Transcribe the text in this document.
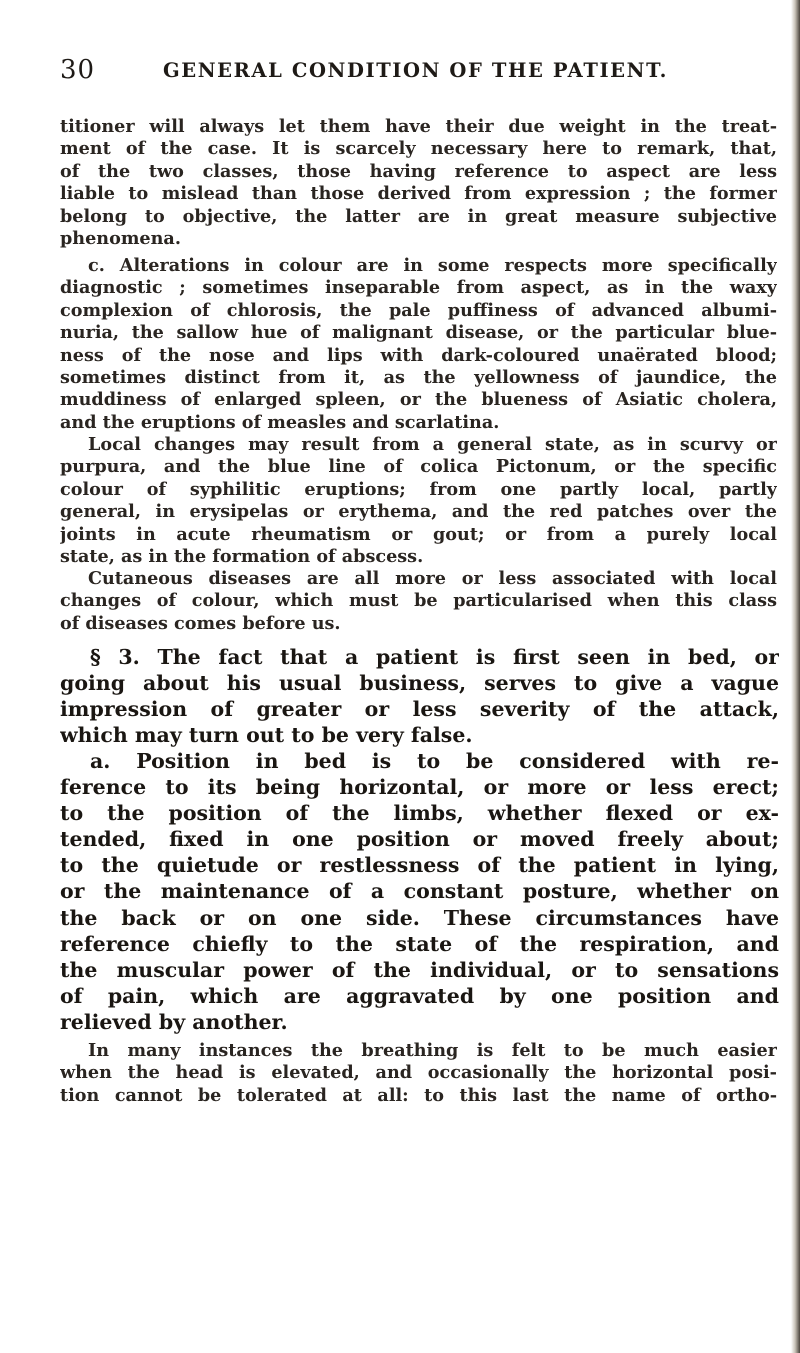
30	GENERAL CONDITION OF THE PATIENT.
titioner will always let them have their due weight in the treat-
ment of the case. It is scarcely necessary here to remark, that,
of the two classes, those having reference to aspect are less
liable to mislead than those derived from expression ; the former
belong to objective, the latter are in great measure subjective
phenomena.
c. Alterations in colour are in some respects more specifically
diagnostic ; sometimes inseparable from aspect, as in the waxy
complexion of chlorosis, the pale puffiness of advanced albumi-
nuria, the sallow hue of malignant disease, or the particular blue-
ness of the nose and lips with dark-coloured unaërated blood;
sometimes distinct from it, as the yellowness of jaundice, the
muddiness of enlarged spleen, or the blueness of Asiatic cholera,
and the eruptions of measles and scarlatina.
Local changes may result from a general state, as in scurvy or
purpura, and the blue line of colica Pictonum, or the specific
colour of syphilitic eruptions; from one partly local, partly
general, in erysipelas or erythema, and the red patches over the
joints in acute rheumatism or gout; or from a purely local
state, as in the formation of abscess.
Cutaneous diseases are all more or less associated with local
changes of colour, which must be particularised when this class
of diseases comes before us.
§ 3. The fact that a patient is first seen in bed, or
going about his usual business, serves to give a vague
impression of greater or less severity of the attack,
which may turn out to be very false.
a. Position in bed is to be considered with re-
ference to its being horizontal, or more or less erect;
to the position of the limbs, whether flexed or ex-
tended, fixed in one position or moved freely about;
to the quietude or restlessness of the patient in lying,
or the maintenance of a constant posture, whether on
the back or on one side. These circumstances have
reference chiefly to the state of the respiration, and
the muscular power of the individual, or to sensations
of pain, which are aggravated by one position and
relieved by another.
In many instances the breathing is felt to be much easier
when the head is elevated, and occasionally the horizontal posi-
tion cannot be tolerated at all: to this last the name of ortho-
